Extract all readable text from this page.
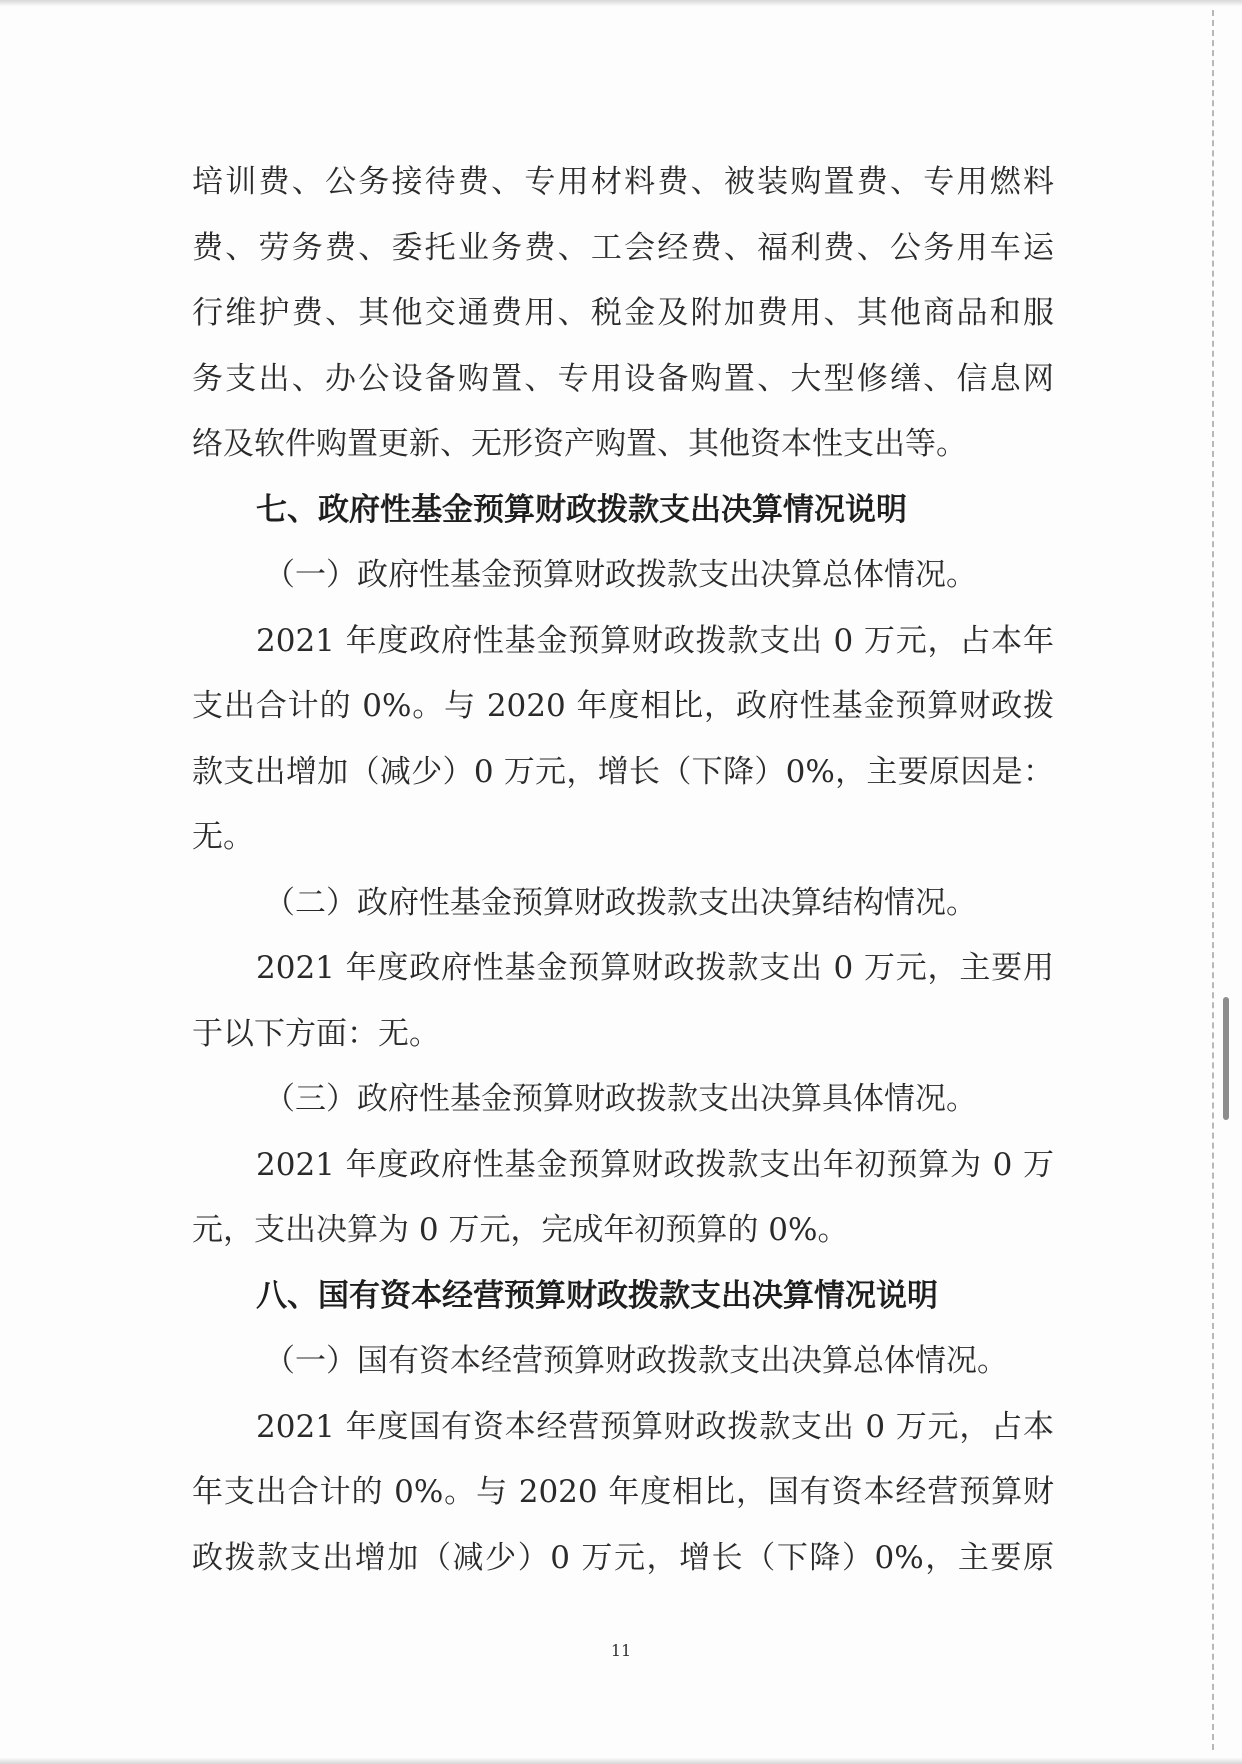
培训费、公务接待费、专用材料费、被装购置费、专用燃料
费、劳务费、委托业务费、工会经费、福利费、公务用车运
行维护费、其他交通费用、税金及附加费用、其他商品和服
务支出、办公设备购置、专用设备购置、大型修缮、信息网
络及软件购置更新、无形资产购置、其他资本性支出等。
七、政府性基金预算财政拨款支出决算情况说明
（一）政府性基金预算财政拨款支出决算总体情况。
2021 年度政府性基金预算财政拨款支出 0 万元，占本年
支出合计的 0%。与 2020 年度相比，政府性基金预算财政拨
款支出增加（减少）0 万元，增长（下降）0%，主要原因是：
无。
（二）政府性基金预算财政拨款支出决算结构情况。
2021 年度政府性基金预算财政拨款支出 0 万元，主要用
于以下方面：无。
（三）政府性基金预算财政拨款支出决算具体情况。
2021 年度政府性基金预算财政拨款支出年初预算为 0 万
元，支出决算为 0 万元，完成年初预算的 0%。
八、国有资本经营预算财政拨款支出决算情况说明
（一）国有资本经营预算财政拨款支出决算总体情况。
2021 年度国有资本经营预算财政拨款支出 0 万元，占本
年支出合计的 0%。与 2020 年度相比，国有资本经营预算财
政拨款支出增加（减少）0 万元，增长（下降）0%，主要原
11
